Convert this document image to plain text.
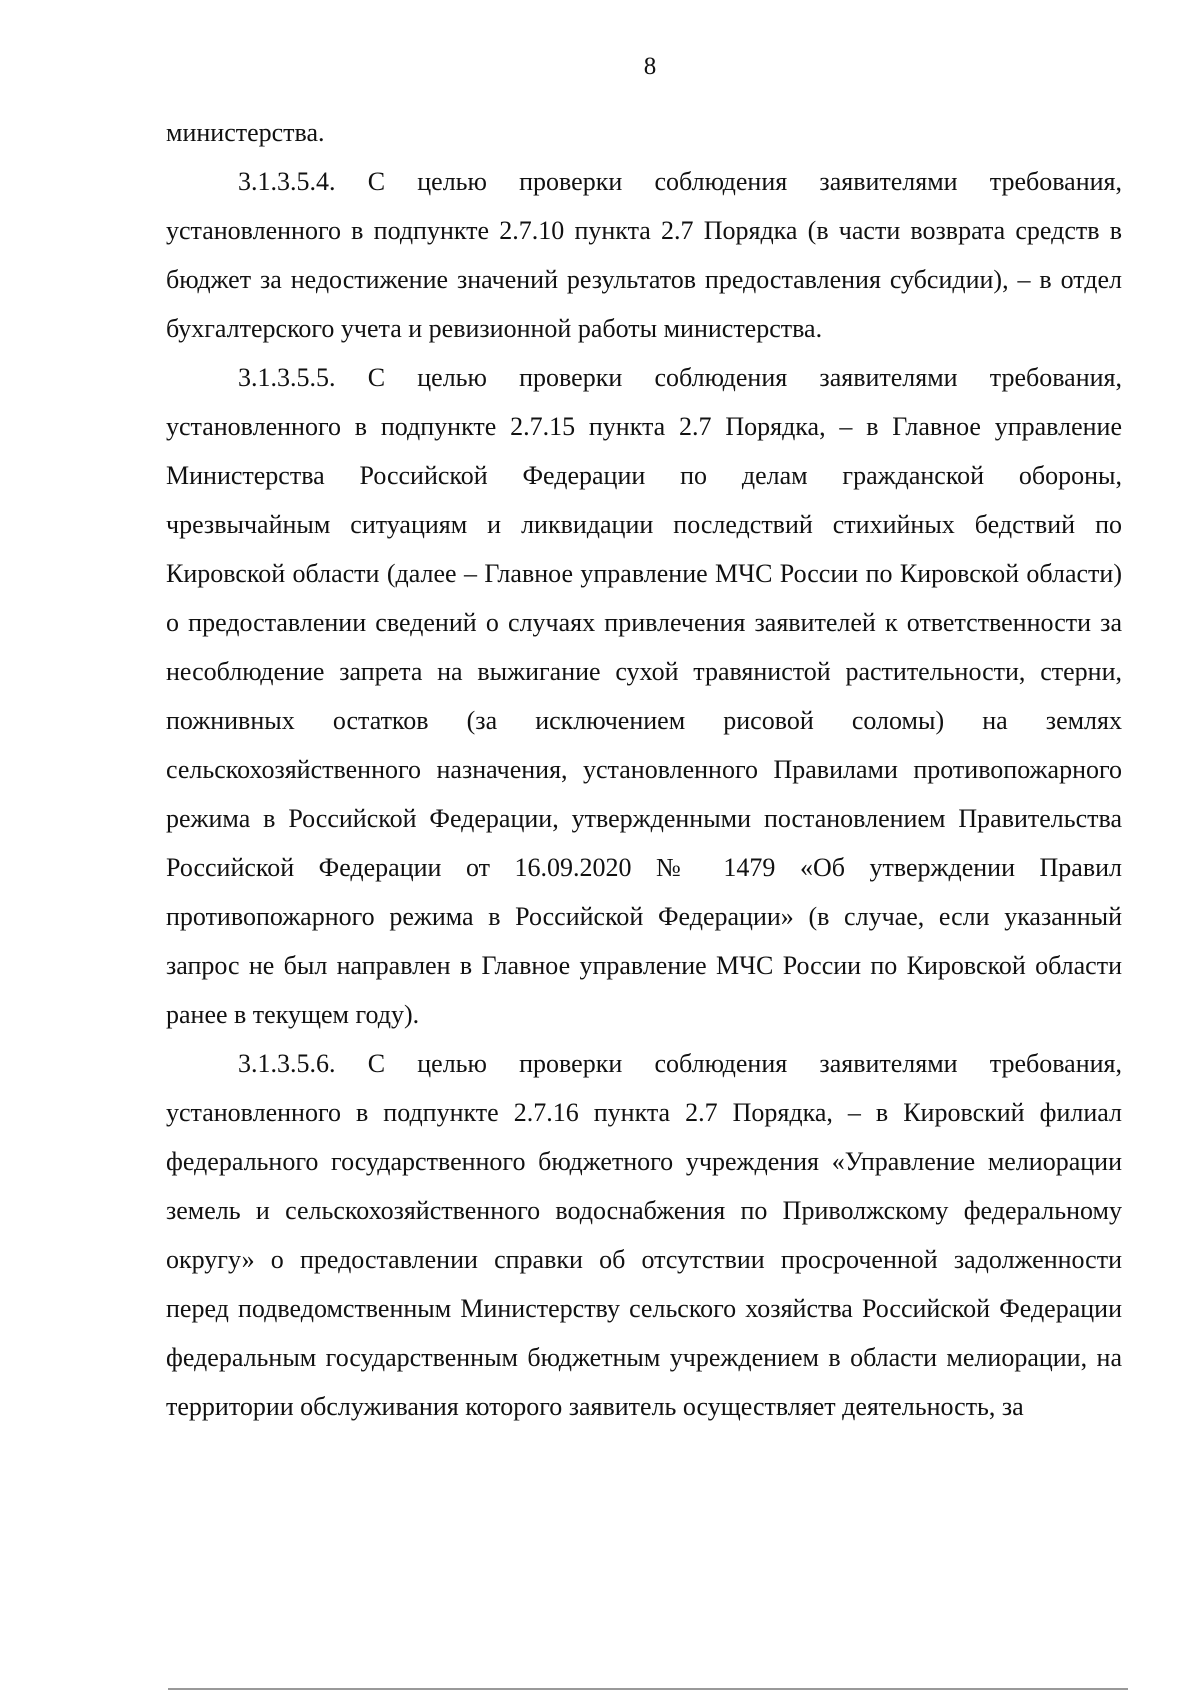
8

министерства.

3.1.3.5.4. С целью проверки соблюдения заявителями требования, установленного в подпункте 2.7.10 пункта 2.7 Порядка (в части возврата средств в бюджет за недостижение значений результатов предоставления субсидии), – в отдел бухгалтерского учета и ревизионной работы министерства.

3.1.3.5.5. С целью проверки соблюдения заявителями требования, установленного в подпункте 2.7.15 пункта 2.7 Порядка, – в Главное управление Министерства Российской Федерации по делам гражданской обороны, чрезвычайным ситуациям и ликвидации последствий стихийных бедствий по Кировской области (далее – Главное управление МЧС России по Кировской области) о предоставлении сведений о случаях привлечения заявителей к ответственности за несоблюдение запрета на выжигание сухой травянистой растительности, стерни, пожнивных остатков (за исключением рисовой соломы) на землях сельскохозяйственного назначения, установленного Правилами противопожарного режима в Российской Федерации, утвержденными постановлением Правительства Российской Федерации от 16.09.2020 № 1479 «Об утверждении Правил противопожарного режима в Российской Федерации» (в случае, если указанный запрос не был направлен в Главное управление МЧС России по Кировской области ранее в текущем году).

3.1.3.5.6. С целью проверки соблюдения заявителями требования, установленного в подпункте 2.7.16 пункта 2.7 Порядка, – в Кировский филиал федерального государственного бюджетного учреждения «Управление мелиорации земель и сельскохозяйственного водоснабжения по Приволжскому федеральному округу» о предоставлении справки об отсутствии просроченной задолженности перед подведомственным Министерству сельского хозяйства Российской Федерации федеральным государственным бюджетным учреждением в области мелиорации, на территории обслуживания которого заявитель осуществляет деятельность, за
